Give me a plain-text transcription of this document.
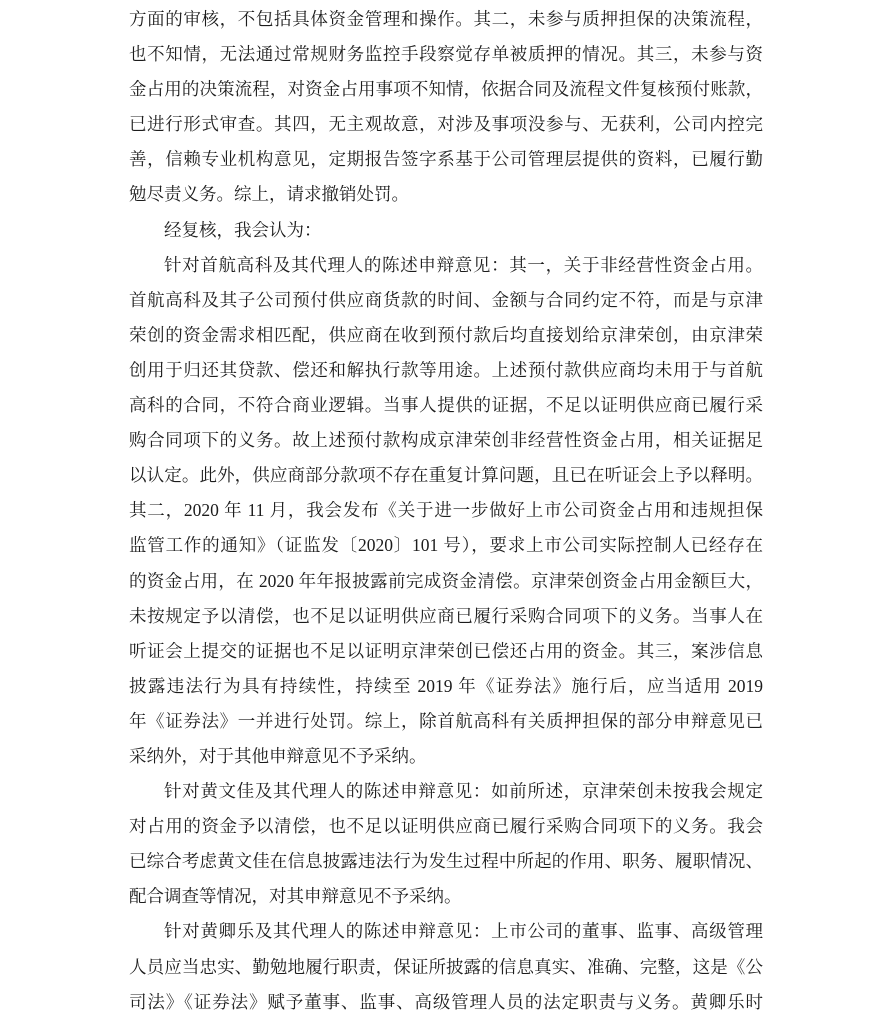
方面的审核，不包括具体资金管理和操作。其二，未参与质押担保的决策流程，
也不知情，无法通过常规财务监控手段察觉存单被质押的情况。其三，未参与资
金占用的决策流程，对资金占用事项不知情，依据合同及流程文件复核预付账款，
已进行形式审查。其四，无主观故意，对涉及事项没参与、无获利，公司内控完
善，信赖专业机构意见，定期报告签字系基于公司管理层提供的资料，已履行勤
勉尽责义务。综上，请求撤销处罚。
经复核，我会认为：
针对首航高科及其代理人的陈述申辩意见：其一，关于非经营性资金占用。
首航高科及其子公司预付供应商货款的时间、金额与合同约定不符，而是与京津
荣创的资金需求相匹配，供应商在收到预付款后均直接划给京津荣创，由京津荣
创用于归还其贷款、偿还和解执行款等用途。上述预付款供应商均未用于与首航
高科的合同，不符合商业逻辑。当事人提供的证据，不足以证明供应商已履行采
购合同项下的义务。故上述预付款构成京津荣创非经营性资金占用，相关证据足
以认定。此外，供应商部分款项不存在重复计算问题，且已在听证会上予以释明。
其二，2020 年 11 月，我会发布《关于进一步做好上市公司资金占用和违规担保
监管工作的通知》（证监发〔2020〕101 号），要求上市公司实际控制人已经存在
的资金占用，在 2020 年年报披露前完成资金清偿。京津荣创资金占用金额巨大，
未按规定予以清偿，也不足以证明供应商已履行采购合同项下的义务。当事人在
听证会上提交的证据也不足以证明京津荣创已偿还占用的资金。其三，案涉信息
披露违法行为具有持续性，持续至 2019 年《证券法》施行后，应当适用 2019
年《证券法》一并进行处罚。综上，除首航高科有关质押担保的部分申辩意见已
采纳外，对于其他申辩意见不予采纳。
针对黄文佳及其代理人的陈述申辩意见：如前所述，京津荣创未按我会规定
对占用的资金予以清偿，也不足以证明供应商已履行采购合同项下的义务。我会
已综合考虑黄文佳在信息披露违法行为发生过程中所起的作用、职务、履职情况、
配合调查等情况，对其申辩意见不予采纳。
针对黄卿乐及其代理人的陈述申辩意见：上市公司的董事、监事、高级管理
人员应当忠实、勤勉地履行职责，保证所披露的信息真实、准确、完整，这是《公
司法》《证券法》赋予董事、监事、高级管理人员的法定职责与义务。黄卿乐时
